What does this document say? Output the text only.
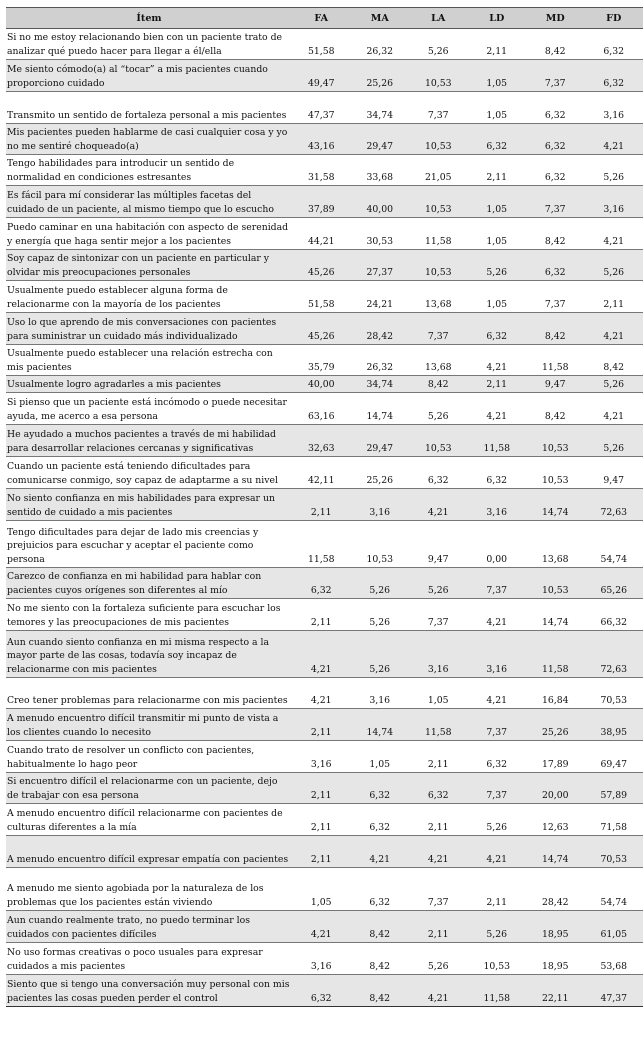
Ítem	FA	MA	LA	LD	MD	FD
Si no me estoy relacionando bien con un paciente trato de analizar qué puedo hacer para llegar a él/ella	51,58	26,32	5,26	2,11	8,42	6,32
Me siento cómodo(a) al “tocar” a mis pacientes cuando proporciono cuidado	49,47	25,26	10,53	1,05	7,37	6,32
Transmito un sentido de fortaleza personal a mis pacientes	47,37	34,74	7,37	1,05	6,32	3,16
Mis pacientes pueden hablarme de casi cualquier cosa y yo no me sentiré choqueado(a)	43,16	29,47	10,53	6,32	6,32	4,21
Tengo habilidades para introducir un sentido de normalidad en condiciones estresantes	31,58	33,68	21,05	2,11	6,32	5,26
Es fácil para mí considerar las múltiples facetas del cuidado de un paciente, al mismo tiempo que lo escucho	37,89	40,00	10,53	1,05	7,37	3,16
Puedo caminar en una habitación con aspecto de serenidad y energía que haga sentir mejor a los pacientes	44,21	30,53	11,58	1,05	8,42	4,21
Soy capaz de sintonizar con un paciente en particular y olvidar mis preocupaciones personales	45,26	27,37	10,53	5,26	6,32	5,26
Usualmente puedo establecer alguna forma de relacionarme con la mayoría de los pacientes	51,58	24,21	13,68	1,05	7,37	2,11
Uso lo que aprendo de mis conversaciones con pacientes para suministrar un cuidado más individualizado	45,26	28,42	7,37	6,32	8,42	4,21
Usualmente puedo establecer una relación estrecha con mis pacientes	35,79	26,32	13,68	4,21	11,58	8,42
Usualmente logro agradarles a mis pacientes	40,00	34,74	8,42	2,11	9,47	5,26
Si pienso que un paciente está incómodo o puede necesitar ayuda, me acerco a esa persona	63,16	14,74	5,26	4,21	8,42	4,21
He ayudado a muchos pacientes a través de mi habilidad para desarrollar relaciones cercanas y significativas	32,63	29,47	10,53	11,58	10,53	5,26
Cuando un paciente está teniendo dificultades para comunicarse conmigo, soy capaz de adaptarme a su nivel	42,11	25,26	6,32	6,32	10,53	9,47
No siento confianza en mis habilidades para expresar un sentido de cuidado a mis pacientes	2,11	3,16	4,21	3,16	14,74	72,63
Tengo dificultades para dejar de lado mis creencias y prejuicios para escuchar y aceptar el paciente como persona	11,58	10,53	9,47	0,00	13,68	54,74
Carezco de confianza en mi habilidad para hablar con pacientes cuyos orígenes son diferentes al mío	6,32	5,26	5,26	7,37	10,53	65,26
No me siento con la fortaleza suficiente para escuchar los temores y las preocupaciones de mis pacientes	2,11	5,26	7,37	4,21	14,74	66,32
Aun cuando siento confianza en mi misma respecto a la mayor parte de las cosas, todavía soy incapaz de relacionarme con mis pacientes	4,21	5,26	3,16	3,16	11,58	72,63
Creo tener problemas para relacionarme con mis pacientes	4,21	3,16	1,05	4,21	16,84	70,53
A menudo encuentro difícil transmitir mi punto de vista a los clientes cuando lo necesito	2,11	14,74	11,58	7,37	25,26	38,95
Cuando trato de resolver un conflicto con pacientes, habitualmente lo hago peor	3,16	1,05	2,11	6,32	17,89	69,47
Si encuentro difícil el relacionarme con un paciente, dejo de trabajar con esa persona	2,11	6,32	6,32	7,37	20,00	57,89
A menudo encuentro difícil relacionarme con pacientes de culturas diferentes a la mía	2,11	6,32	2,11	5,26	12,63	71,58
A menudo encuentro difícil expresar empatía con pacientes	2,11	4,21	4,21	4,21	14,74	70,53
A menudo me siento agobiada por la naturaleza de los problemas que los pacientes están viviendo	1,05	6,32	7,37	2,11	28,42	54,74
Aun cuando realmente trato, no puedo terminar los cuidados con pacientes difíciles	4,21	8,42	2,11	5,26	18,95	61,05
No uso formas creativas o poco usuales para expresar cuidados a mis pacientes	3,16	8,42	5,26	10,53	18,95	53,68
Siento que si tengo una conversación muy personal con mis pacientes las cosas pueden perder el control	6,32	8,42	4,21	11,58	22,11	47,37
